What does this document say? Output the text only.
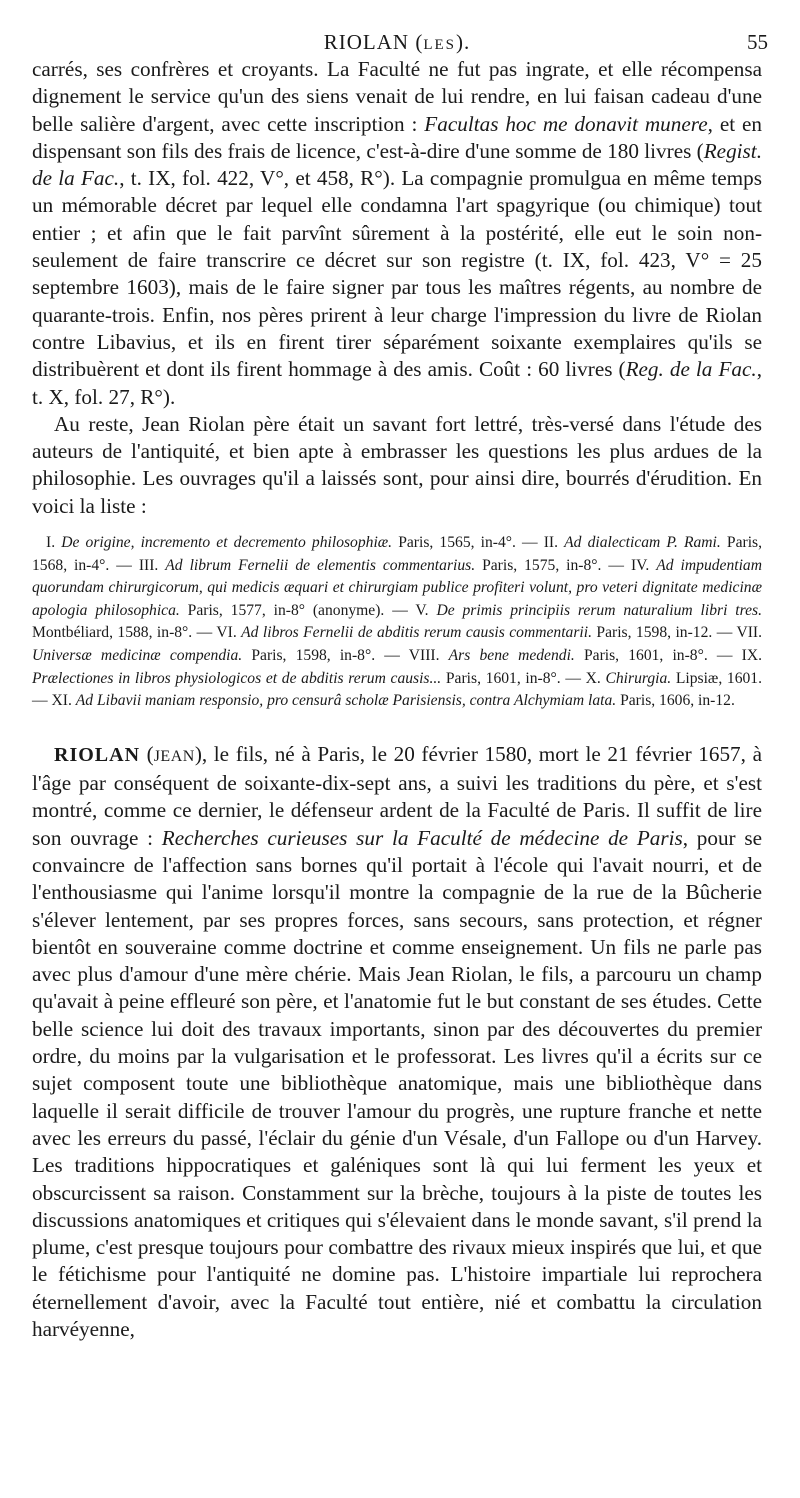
RIOLAN (LES).	55

carrés, ses confrères et croyants. La Faculté ne fut pas ingrate, et elle récompensa dignement le service qu'un des siens venait de lui rendre, en lui faisan cadeau d'une belle salière d'argent, avec cette inscription : Facultas hoc me donavit munere, et en dispensant son fils des frais de licence, c'est-à-dire d'une somme de 180 livres (Regist. de la Fac., t. IX, fol. 422, V°, et 458, R°). La compagnie promulgua en même temps un mémorable décret par lequel elle condamna l'art spagyrique (ou chimique) tout entier ; et afin que le fait parvînt sûrement à la postérité, elle eut le soin non-seulement de faire transcrire ce décret sur son registre (t. IX, fol. 423, V° = 25 septembre 1603), mais de le faire signer par tous les maîtres régents, au nombre de quarante-trois. Enfin, nos pères prirent à leur charge l'impression du livre de Riolan contre Libavius, et ils en firent tirer séparément soixante exemplaires qu'ils se distribuèrent et dont ils firent hommage à des amis. Coût : 60 livres (Reg. de la Fac., t. X, fol. 27, R°).

Au reste, Jean Riolan père était un savant fort lettré, très-versé dans l'étude des auteurs de l'antiquité, et bien apte à embrasser les questions les plus ardues de la philosophie. Les ouvrages qu'il a laissés sont, pour ainsi dire, bourrés d'érudition. En voici la liste :

I. De origine, incremento et decremento philosophiæ. Paris, 1565, in-4°. — II. Ad dialecticam P. Rami. Paris, 1568, in-4°. — III. Ad librum Fernelii de elementis commentarius. Paris, 1575, in-8°. — IV. Ad impudentiam quorundam chirurgicorum, qui medicis æquari et chirurgiam publice profiteri volunt, pro veteri dignitate medicinæ apologia philosophica. Paris, 1577, in-8° (anonyme). — V. De primis principiis rerum naturalium libri tres. Montbéliard, 1588, in-8°. — VI. Ad libros Fernelii de abditis rerum causis commentarii. Paris, 1598, in-12. — VII. Universæ medicinæ compendia. Paris, 1598, in-8°. — VIII. Ars bene medendi. Paris, 1601, in-8°. — IX. Prælectiones in libros physiologicos et de abditis rerum causis... Paris, 1601, in-8°. — X. Chirurgia. Lipsiæ, 1601. — XI. Ad Libavii maniam responsio, pro censurâ scholæ Parisiensis, contra Alchymiam lata. Paris, 1606, in-12.

RIOLAN (JEAN), le fils, né à Paris, le 20 février 1580, mort le 21 février 1657, à l'âge par conséquent de soixante-dix-sept ans, a suivi les traditions du père, et s'est montré, comme ce dernier, le défenseur ardent de la Faculté de Paris. Il suffit de lire son ouvrage : Recherches curieuses sur la Faculté de médecine de Paris, pour se convaincre de l'affection sans bornes qu'il portait à l'école qui l'avait nourri, et de l'enthousiasme qui l'anime lorsqu'il montre la compagnie de la rue de la Bûcherie s'élever lentement, par ses propres forces, sans secours, sans protection, et régner bientôt en souveraine comme doctrine et comme enseignement. Un fils ne parle pas avec plus d'amour d'une mère chérie. Mais Jean Riolan, le fils, a parcouru un champ qu'avait à peine effleuré son père, et l'anatomie fut le but constant de ses études. Cette belle science lui doit des travaux importants, sinon par des découvertes du premier ordre, du moins par la vulgarisation et le professorat. Les livres qu'il a écrits sur ce sujet composent toute une bibliothèque anatomique, mais une bibliothèque dans laquelle il serait difficile de trouver l'amour du progrès, une rupture franche et nette avec les erreurs du passé, l'éclair du génie d'un Vésale, d'un Fallope ou d'un Harvey. Les traditions hippocratiques et galéniques sont là qui lui ferment les yeux et obscurcissent sa raison. Constamment sur la brèche, toujours à la piste de toutes les discussions anatomiques et critiques qui s'élevaient dans le monde savant, s'il prend la plume, c'est presque toujours pour combattre des rivaux mieux inspirés que lui, et que le fétichisme pour l'antiquité ne domine pas. L'histoire impartiale lui reprochera éternellement d'avoir, avec la Faculté tout entière, nié et combattu la circulation harvéyenne,
